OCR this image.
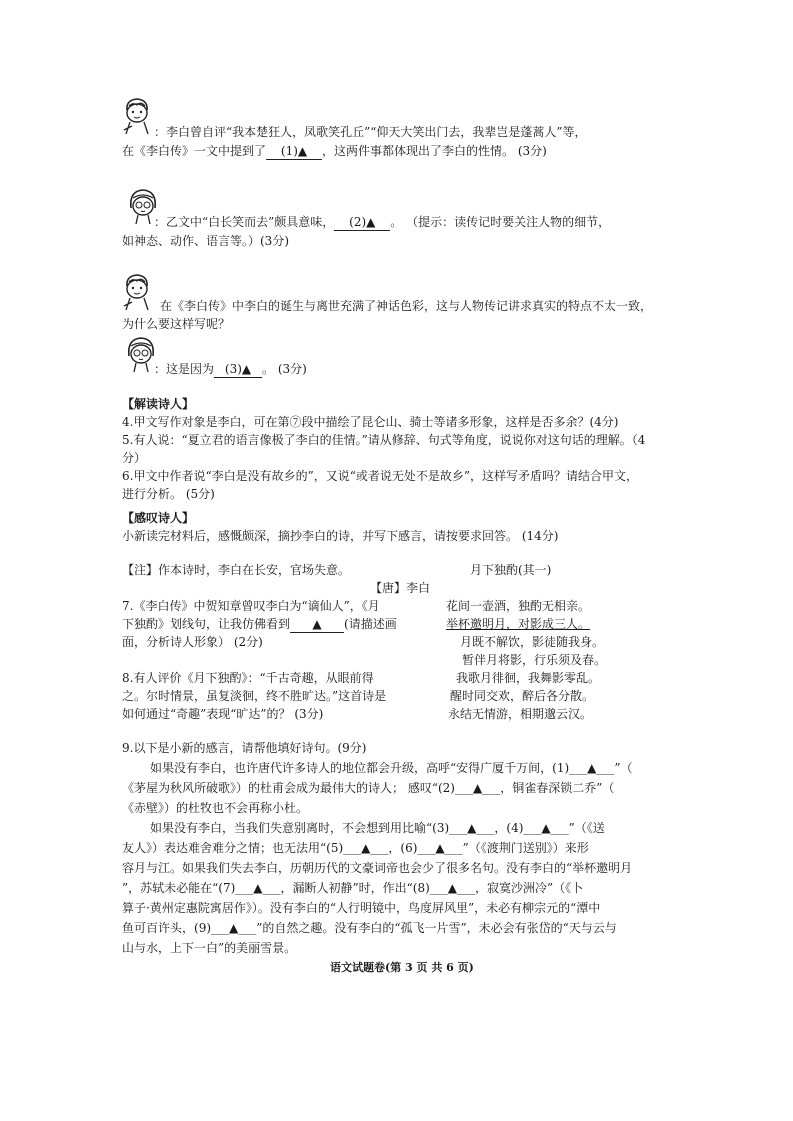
：李白曾自评“我本楚狂人，凤歌笑孔丘”“仰天大笑出门去，我辈岂是蓬蒿人”等，
在《李白传》一文中提到了 (1)▲ ，这两件事都体现出了李白的性情。 (3分)
：乙文中“白长笑而去”颇具意味， (2)▲ 。 （提示：读传记时要关注人物的细节，
如神态、动作、语言等。）(3分)
在《李白传》中李白的诞生与离世充满了神话色彩，这与人物传记讲求真实的特点不太一致，
为什么要这样写呢？
：这是因为 (3)▲ 。 (3分)
【解读诗人】
4.甲文写作对象是李白，可在第⑦段中描绘了昆仑山、骑士等诸多形象，这样是否多余？(4分)
5.有人说：“夏立君的语言像极了李白的佳情。”请从修辞、句式等角度，说说你对这句话的理解。（4
分）
6.甲文中作者说“李白是没有故乡的”，又说“或者说无处不是故乡”，这样写矛盾吗？请结合甲文，
进行分析。 (5分)
【感叹诗人】
小新读完材料后，感慨颇深，摘抄李白的诗，并写下感言，请按要求回答。 (14分)
【注】作本诗时，李白在长安，官场失意。	月下独酌(其一)
【唐】李白
花间一壶酒，独酌无相亲。
举杯邀明月，对影成三人。
月既不解饮，影徒随我身。
暂伴月将影，行乐须及春。
我歌月徘徊，我舞影零乱。
醒时同交欢，醉后各分散。
永结无情游，相期邈云汉。
7.《李白传》中贺知章曾叹李白为“谪仙人”，《月
下独酌》划线句，让我仿佛看到 ▲ (请描述画
面，分析诗人形象） (2分)
8.有人评价《月下独酌》：“千古奇趣，从眼前得
之。尔时情景，虽复淡徊，终不胜旷达。”这首诗是
如何通过“奇趣”表现“旷达”的？ (3分)
9.以下是小新的感言，请帮他填好诗句。(9分)
如果没有李白，也许唐代许多诗人的地位都会升级，高呼“安得广厦千万间，(1)___▲___”（
《茅屋为秋风所破歌》）的杜甫会成为最伟大的诗人； 感叹“(2)___▲___，铜雀春深锁二乔”（
《赤壁》）的杜牧也不会再称小杜。
如果没有李白，当我们失意别离时，不会想到用比喻“(3)___▲___，(4)___▲___”（《送
友人》）表达难舍难分之情；也无法用“(5)___▲___，(6)___▲___”（《渡荆门送别》）来形
容月与江。如果我们失去李白，历朝历代的文豪词帝也会少了很多名句。没有李白的“举杯邀明月
”，苏轼未必能在“(7)___▲___，漏断人初静”时，作出“(8)___▲___，寂寞沙洲冷”（《卜
算子·黄州定惠院寓居作》）。没有李白的“人行明镜中，鸟度屏风里”，未必有柳宗元的“潭中
鱼可百许头，(9)___▲___”的自然之趣。没有李白的“孤飞一片雪”，未必会有张岱的“天与云与
山与水，上下一白”的美丽雪景。
语文试题卷(第 3 页 共 6 页)
